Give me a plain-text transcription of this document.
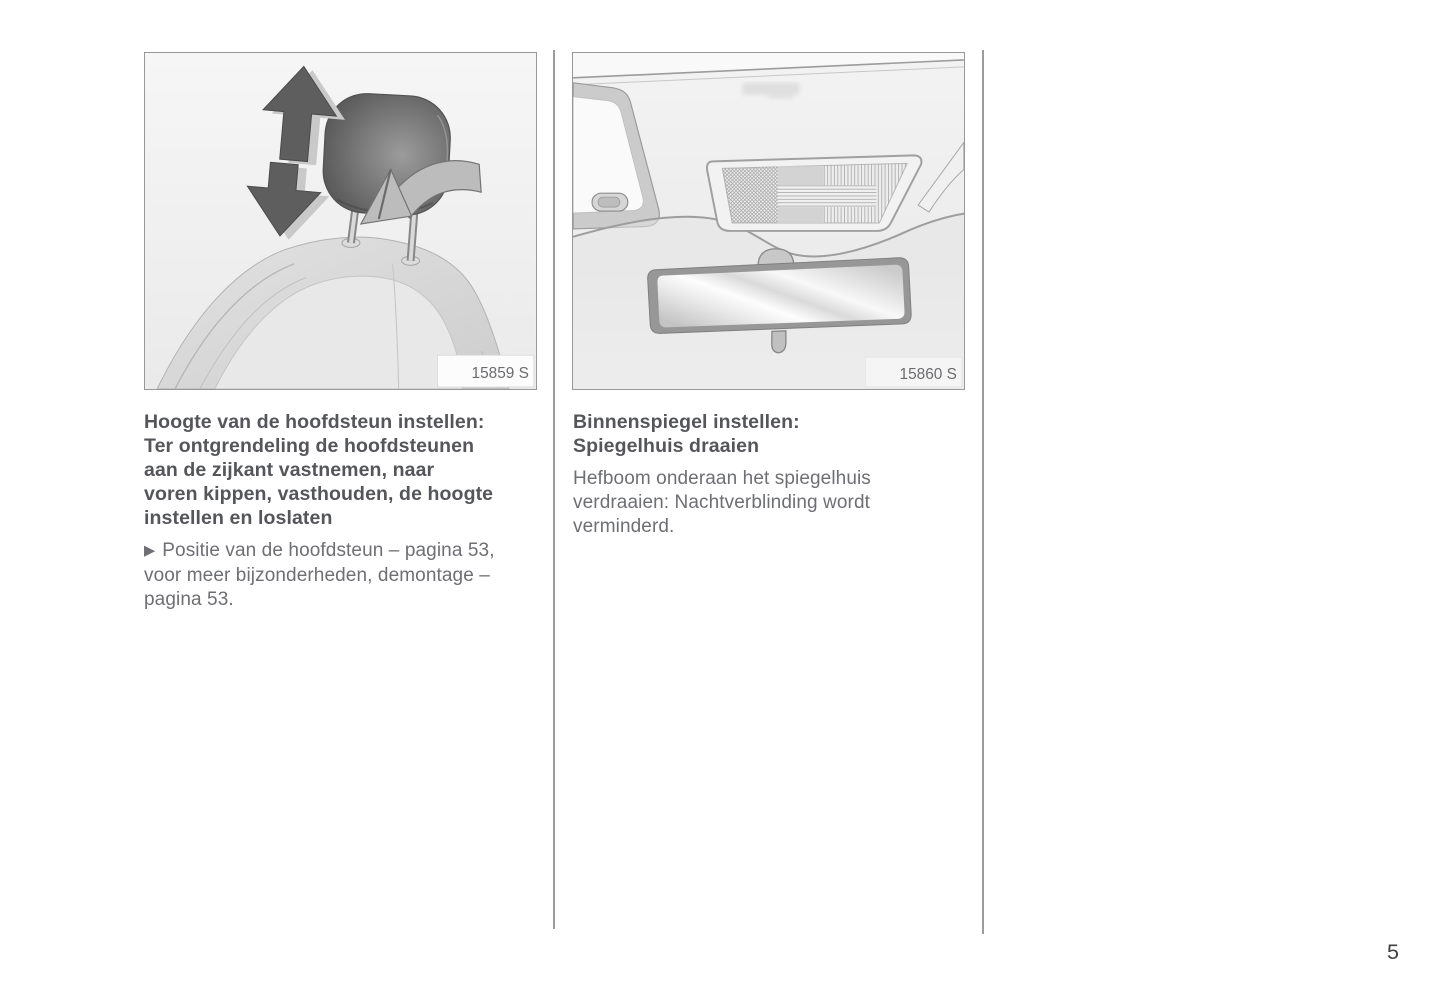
15859 S	15860 S
Hoogte van de hoofdsteun instellen:
Ter ontgrendeling de hoofdsteunen
aan de zijkant vastnemen, naar
voren kippen, vasthouden, de hoogte
instellen en loslaten
▶ Positie van de hoofdsteun – pagina 53,
voor meer bijzonderheden, demontage –
pagina 53.
Binnenspiegel instellen:
Spiegelhuis draaien
Hefboom onderaan het spiegelhuis
verdraaien: Nachtverblinding wordt
verminderd.
5
